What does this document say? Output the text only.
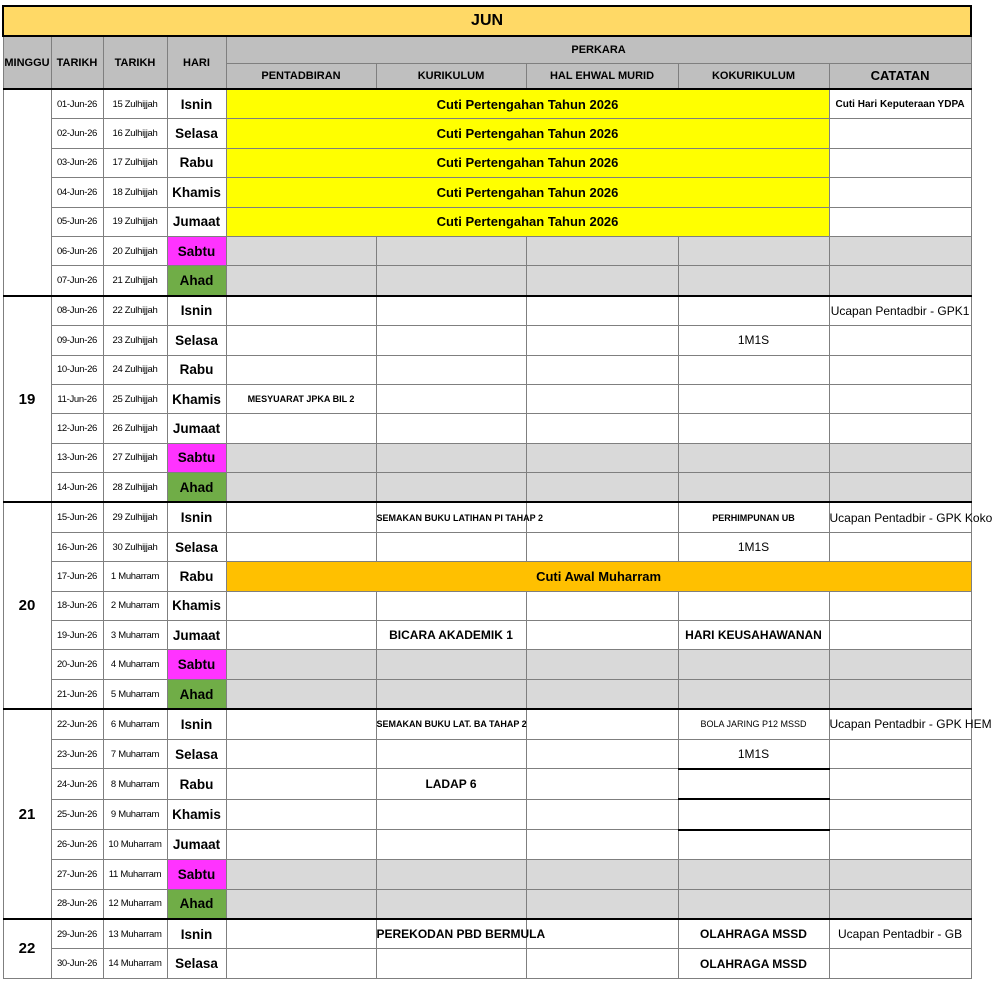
JUN								
MINGGU	TARIKH	TARIKH	HARI	PERKARA				
				PENTADBIRAN	KURIKULUM	HAL EHWAL MURID	KOKURIKULUM	CATATAN
	01-Jun-26	15 Zulhijjah	Isnin	Cuti Pertengahan Tahun 2026				Cuti Hari Keputeraan YDPA
	02-Jun-26	16 Zulhijjah	Selasa	Cuti Pertengahan Tahun 2026				
	03-Jun-26	17 Zulhijjah	Rabu	Cuti Pertengahan Tahun 2026				
	04-Jun-26	18 Zulhijjah	Khamis	Cuti Pertengahan Tahun 2026				
	05-Jun-26	19 Zulhijjah	Jumaat	Cuti Pertengahan Tahun 2026				
	06-Jun-26	20 Zulhijjah	Sabtu					
	07-Jun-26	21 Zulhijjah	Ahad					
19	08-Jun-26	22 Zulhijjah	Isnin					Ucapan Pentadbir - GPK1
	09-Jun-26	23 Zulhijjah	Selasa				1M1S	
	10-Jun-26	24 Zulhijjah	Rabu					
	11-Jun-26	25 Zulhijjah	Khamis	MESYUARAT JPKA BIL 2				
	12-Jun-26	26 Zulhijjah	Jumaat					
	13-Jun-26	27 Zulhijjah	Sabtu					
	14-Jun-26	28 Zulhijjah	Ahad					
20	15-Jun-26	29 Zulhijjah	Isnin		SEMAKAN BUKU LATIHAN PI TAHAP 2		PERHIMPUNAN UB	Ucapan Pentadbir - GPK Koko
	16-Jun-26	30 Zulhijjah	Selasa				1M1S	
	17-Jun-26	1 Muharram	Rabu	Cuti Awal Muharram				
	18-Jun-26	2 Muharram	Khamis					
	19-Jun-26	3 Muharram	Jumaat		BICARA AKADEMIK 1		HARI KEUSAHAWANAN	
	20-Jun-26	4 Muharram	Sabtu					
	21-Jun-26	5 Muharram	Ahad					
21	22-Jun-26	6 Muharram	Isnin		SEMAKAN BUKU LAT. BA TAHAP 2		BOLA JARING P12 MSSD	Ucapan Pentadbir - GPK HEM
	23-Jun-26	7 Muharram	Selasa				1M1S	
	24-Jun-26	8 Muharram	Rabu		LADAP 6			
	25-Jun-26	9 Muharram	Khamis					
	26-Jun-26	10 Muharram	Jumaat					
	27-Jun-26	11 Muharram	Sabtu					
	28-Jun-26	12 Muharram	Ahad					
22	29-Jun-26	13 Muharram	Isnin		PEREKODAN PBD BERMULA		OLAHRAGA MSSD	Ucapan Pentadbir - GB
	30-Jun-26	14 Muharram	Selasa				OLAHRAGA MSSD	
